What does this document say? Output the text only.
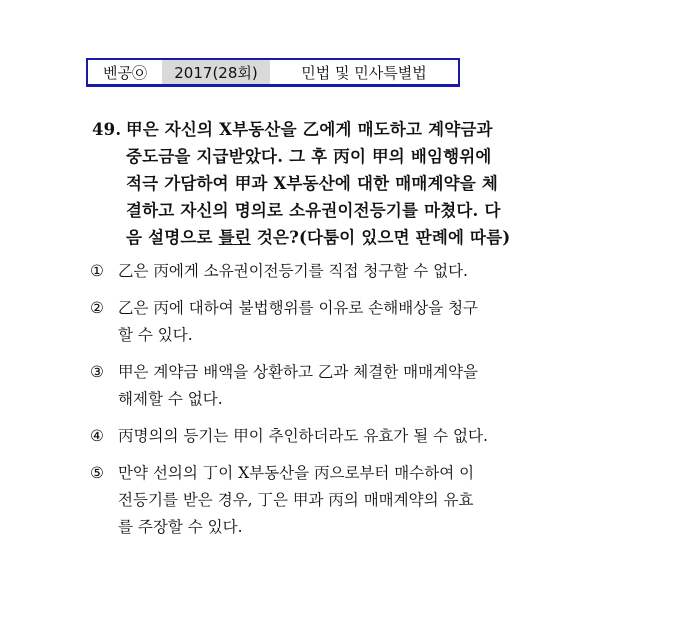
벤공㉧	2017(28회)	민법 및 민사특별법
49. 甲은 자신의 X부동산을 乙에게 매도하고 계약금과
중도금을 지급받았다. 그 후 丙이 甲의 배임행위에
적극 가담하여 甲과 X부동산에 대한 매매계약을 체
결하고 자신의 명의로 소유권이전등기를 마쳤다. 다
음 설명으로 틀린 것은?(다툼이 있으면 판례에 따름)
① 乙은 丙에게 소유권이전등기를 직접 청구할 수 없다.
② 乙은 丙에 대하여 불법행위를 이유로 손해배상을 청구
할 수 있다.
③ 甲은 계약금 배액을 상환하고 乙과 체결한 매매계약을
해제할 수 없다.
④ 丙명의의 등기는 甲이 추인하더라도 유효가 될 수 없다.
⑤ 만약 선의의 丁이 X부동산을 丙으로부터 매수하여 이
전등기를 받은 경우, 丁은 甲과 丙의 매매계약의 유효
를 주장할 수 있다.
